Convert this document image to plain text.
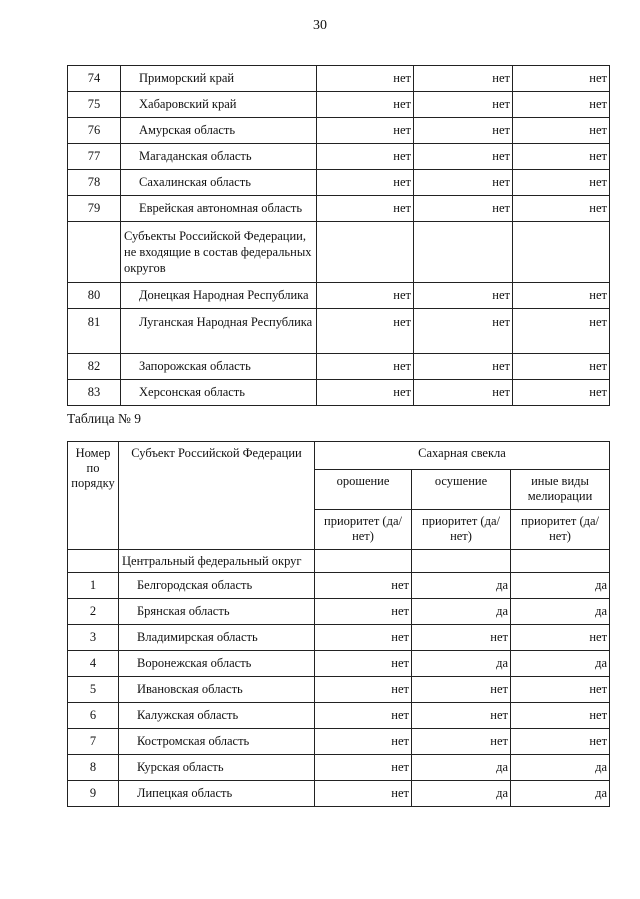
30
74	Приморский край	нет	нет	нет
75	Хабаровский край	нет	нет	нет
76	Амурская область	нет	нет	нет
77	Магаданская область	нет	нет	нет
78	Сахалинская область	нет	нет	нет
79	Еврейская автономная область	нет	нет	нет
	Субъекты Российской Федерации, не входящие в состав федеральных округов			
80	Донецкая Народная Республика	нет	нет	нет
81	Луганская Народная Республика	нет	нет	нет
82	Запорожская область	нет	нет	нет
83	Херсонская область	нет	нет	нет
Таблица № 9
Номер по порядку	Субъект Российской Федерации	Сахарная свекла		
		орошение	осушение	иные виды мелиорации
		приоритет (да/нет)	приоритет (да/нет)	приоритет (да/нет)
	Центральный федеральный округ			
1	Белгородская область	нет	да	да
2	Брянская область	нет	да	да
3	Владимирская область	нет	нет	нет
4	Воронежская область	нет	да	да
5	Ивановская область	нет	нет	нет
6	Калужская область	нет	нет	нет
7	Костромская область	нет	нет	нет
8	Курская область	нет	да	да
9	Липецкая область	нет	да	да
